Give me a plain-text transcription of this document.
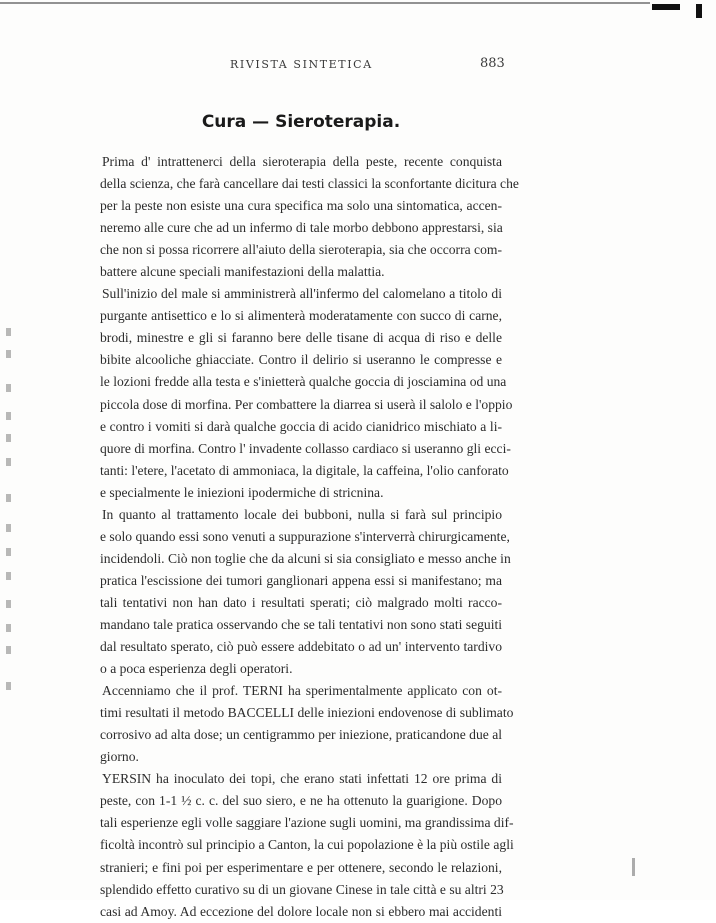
RIVISTA SINTETICA	883
Cura — Sieroterapia.
Prima d' intrattenerci della sieroterapia della peste, recente conquista
della scienza, che farà cancellare dai testi classici la sconfortante dicitura che
per la peste non esiste una cura specifica ma solo una sintomatica, accen-
neremo alle cure che ad un infermo di tale morbo debbono apprestarsi, sia
che non si possa ricorrere all'aiuto della sieroterapia, sia che occorra com-
battere alcune speciali manifestazioni della malattia.
Sull'inizio del male si amministrerà all'infermo del calomelano a titolo di
purgante antisettico e lo si alimenterà moderatamente con succo di carne,
brodi, minestre e gli si faranno bere delle tisane di acqua di riso e delle
bibite alcooliche ghiacciate. Contro il delirio si useranno le compresse e
le lozioni fredde alla testa e s'inietterà qualche goccia di josciamina od una
piccola dose di morfina. Per combattere la diarrea si userà il salolo e l'oppio
e contro i vomiti si darà qualche goccia di acido cianidrico mischiato a li-
quore di morfina. Contro l' invadente collasso cardiaco si useranno gli ecci-
tanti: l'etere, l'acetato di ammoniaca, la digitale, la caffeina, l'olio canforato
e specialmente le iniezioni ipodermiche di stricnina.
In quanto al trattamento locale dei bubboni, nulla si farà sul principio
e solo quando essi sono venuti a suppurazione s'interverrà chirurgicamente,
incidendoli. Ciò non toglie che da alcuni si sia consigliato e messo anche in
pratica l'escissione dei tumori ganglionari appena essi si manifestano; ma
tali tentativi non han dato i resultati sperati; ciò malgrado molti racco-
mandano tale pratica osservando che se tali tentativi non sono stati seguiti
dal resultato sperato, ciò può essere addebitato o ad un' intervento tardivo
o a poca esperienza degli operatori.
Accenniamo che il prof. TERNI ha sperimentalmente applicato con ot-
timi resultati il metodo BACCELLI delle iniezioni endovenose di sublimato
corrosivo ad alta dose; un centigrammo per iniezione, praticandone due al
giorno.
YERSIN ha inoculato dei topi, che erano stati infettati 12 ore prima di
peste, con 1-1 ½ c. c. del suo siero, e ne ha ottenuto la guarigione. Dopo
tali esperienze egli volle saggiare l'azione sugli uomini, ma grandissima dif-
ficoltà incontrò sul principio a Canton, la cui popolazione è la più ostile agli
stranieri; e fini poi per esperimentare e per ottenere, secondo le relazioni,
splendido effetto curativo su di un giovane Cinese in tale città e su altri 23
casi ad Amoy. Ad eccezione del dolore locale non si ebbero mai accidenti
